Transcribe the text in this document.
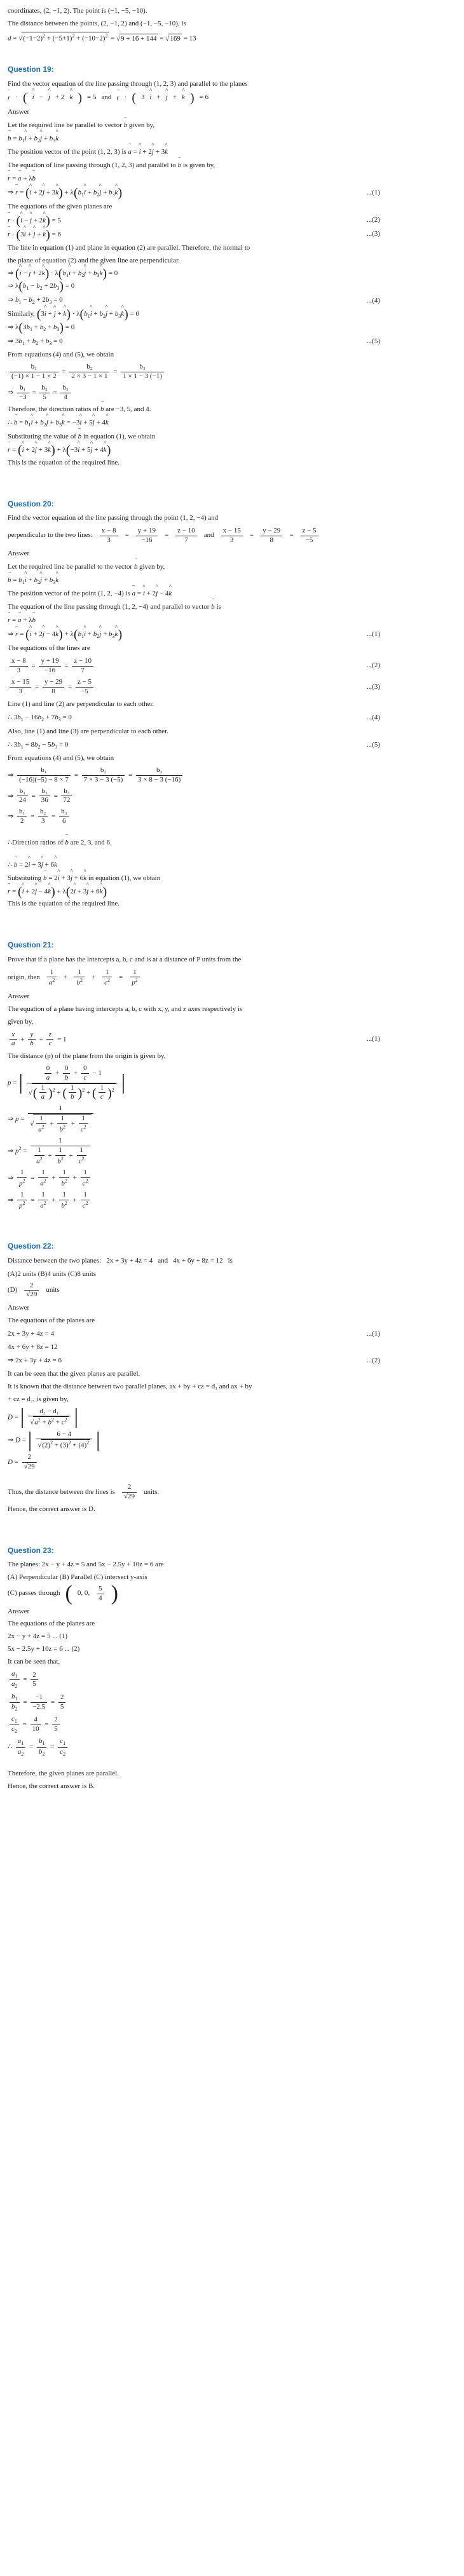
coordinates, (2, −1, 2). The point is (−1, −5, −10).

The distance between the points, (2, −1, 2) and (−1, −5, −10), is

$d = √(-1-2)^2 + (-5+1)^2 + (-10-2)^2 = √9 + 16 + 144 = √169 = 13$

Question 19:

Find the vector equation of the line passing through (1, 2, 3) and parallel to the planes

r → · ( i ^ − j ^ + 2 k ^ ) = 5 and r → · ( 3 i ^ + j ^ + k ^ ) = 6

Answer

Let the required line be parallel to vector b → given by,

b → = $b_1i$ ^ + $b_2j$ ^ + $b_3k$ ^

The position vector of the point (1, 2, 3) is a → = i ^ + 2j ^ + 3k ^

The equation of line passing through (1, 2, 3) and parallel to b → is given by,

r → = a → + λb →

⇒ r → = (i ^ + 2j ^ + 3k ^) + $\lambda(b_1i$ ^ + $b_2j$ ^ + $b_3k$ ^)	...(1)

The equations of the given planes are

r → · (i ^ − j ^ + 2k ^) = 5	...(2)
r → · (3i ^ + j ^ + k ^) = 6	...(3)

The line in equation (1) and plane in equation (2) are parallel. Therefore, the normal to

the plane of equation (2) and the given line are perpendicular.

⇒ (i ^ − j ^ + 2k ^) · $\lambda(b_1i$ ^ + $b_2j$ ^ + $b_3k$ ^) = 0

⇒ $\lambda(b_1 - b_2 + 2b_3) = 0$

⇒ $b_1 - b_2 + 2b_3 = 0$	...(4)

Similarly, (3i ^ + j ^ + k ^) · $\lambda(b_1i$ ^ + $b_2j$ ^ + $b_3k$ ^) = 0

⇒ $\lambda(3b_1 + b_2 + b_3) = 0$

⇒ $3b_1 + b_2 + b_3 = 0$	...(5)

From equations (4) and (5), we obtain

$\frac{\text{b₁}}{(-1) \times 1 - 1 \times 2} = \frac{\text{b₂}}{2 \times 3 - 1 \times 1} = \frac{\text{b₃}}{1 \times 1 - 3 (-1)}$

⇒ $\frac{\text{b₁}}{-3} = \frac{\text{b₂}}{5} = \frac{\text{b₃}}{4}$

Therefore, the direction ratios of b → are −3, 5, and 4.

∴ b → = $b_1i$ ^ + $b_2j$ ^ + $b_3k$ ^ = −3i ^ + 5j ^ + 4k ^

Substituting the value of b → in equation (1), we obtain

r → = (i ^ + 2j ^ + 3k ^) + λ(−3i ^ + 5j ^ + 4k ^)

This is the equation of the required line.

Question 20:

Find the vector equation of the line passing through the point (1, 2, −4) and

perpendicular to the two lines: $\frac{x - 8}{3} = \frac{y + 19}{-16} = \frac{z - 10}{7}$ and $\frac{x - 15}{3} = \frac{y - 29}{8} = \frac{z - 5}{-5}$

Answer

Let the required line be parallel to the vector b → given by,

b → = $b_1i$ ^ + $b_2j$ ^ + $b_3k$ ^

The position vector of the point (1, 2, −4) is a → = i ^ + 2j ^ − 4k ^

The equation of the line passing through (1, 2, −4) and parallel to vector b → is

r → = a → + λb →

⇒ r → = (i ^ + 2j ^ − 4k ^) + $\lambda(b_1i$ ^ + $b_2j$ ^ + $b_3k$ ^)	...(1)

The equations of the lines are

$\frac{x - 8}{3} = \frac{y + 19}{-16} = \frac{z - 10}{7}$	...(2)
$\frac{x - 15}{3} = \frac{y - 29}{8} = \frac{z - 5}{-5}$	...(3)

Line (1) and line (2) are perpendicular to each other.

∴ $3b_1 - 16b_2 + 7b_3 = 0$	...(4)

Also, line (1) and line (3) are perpendicular to each other.

∴ $3b_1 + 8b_2 - 5b_3 = 0$	...(5)

From equations (4) and (5), we obtain

⇒ $\frac{\text{b₁}}{(-16)(-5) - 8 \times 7} = \frac{\text{b₂}}{7 \times 3 - 3 (-5)} = \frac{\text{b₃}}{3 \times 8 - 3 (-16)}$

⇒ $\frac{\text{b₁}}{24} = \frac{\text{b₂}}{36} = \frac{\text{b₃}}{72}$

⇒ $\frac{\text{b₁}}{2} = \frac{\text{b₂}}{3} = \frac{\text{b₃}}{6}$

∴Direction ratios of b → are 2, 3, and 6.

∴ b → = 2i ^ + 3j ^ + 6k ^

Substituting b → = 2i ^ + 3j ^ + 6k ^ in equation (1), we obtain

r → = (i ^ + 2j ^ − 4k ^) + λ(2i ^ + 3j ^ + 6k ^)

This is the equation of the required line.

Question 21:

Prove that if a plane has the intercepts a, b, c and is at a distance of P units from the

origin, then $\frac{1}{a^2} + \frac{1}{b^2} + \frac{1}{c^2} = \frac{1}{p^2}$

Answer

The equation of a plane having intercepts a, b, c with x, y, and z axes respectively is

given by,

$\frac{x}{a} + \frac{y}{b} + \frac{z}{c} = 1$	...(1)

The distance (p) of the plane from the origin is given by,

p = | $\frac{\frac{0}{a} + \frac{0}{b} + \frac{0}{c} - 1}{√( \frac{1}{a} )^2 + ( \frac{1}{b} )^2 + ( \frac{1}{c} )^2}$ |

⇒ $p = \frac{1}{√ \frac{1}{a^2} + \frac{1}{b^2} + \frac{1}{c^2}}$

⇒ $p^2 = \frac{1}{\frac{1}{a^2} + \frac{1}{b^2} + \frac{1}{c^2}}$

⇒ $\frac{1}{p^2} = \frac{1}{a^2} + \frac{1}{b^2} + \frac{1}{c^2}$

⇒ $\frac{1}{p^2} = \frac{1}{a^2} + \frac{1}{b^2} + \frac{1}{c^2}$

Question 22:
Distance between the two planes: 2x + 3y + 4z = 4 and 4x + 6y + 8z = 12 is

(A)2 units (B)4 units (C)8 units

$(D) \frac{2}{√29}$ units

Answer

The equations of the planes are

2x + 3y + 4z = 4	...(1)

4x + 6y + 8z = 12

⇒ 2x + 3y + 4z = 6	...(2)

It can be seen that the given planes are parallel.

It is known that the distance between two parallel planes, ax + by + cz = d₁ and ax + by

+ cz = d₂, is given by,

D = | $\frac{\text{d₂ − d₁}}{√a^2 + b^2 + c^2}$ |

⇒ D = | $\frac{6 - 4}{√(2)^2 + (3)^2 + (4)^2}$ |

$D = \frac{2}{√29}$

Thus, the distance between the lines is $\frac{2}{√29}$ units.

Hence, the correct answer is D.

Question 23:

The planes: 2x − y + 4z = 5 and 5x − 2.5y + 10z = 6 are

(A) Perpendicular (B) Parallel (C) intersect y-axis

(C) passes through ( 0, 0, $\frac{5}{4}$ )

Answer

The equations of the planes are

2x − y + 4z = 5 ... (1)

5x − 2.5y + 10z = 6 ... (2)

It can be seen that,

$\frac{a_1}{a_2} = \frac{2}{5}$

$\frac{b_1}{b_2} = \frac{-1}{-2.5} = \frac{2}{5}$

$\frac{c_1}{c_2} = \frac{4}{10} = \frac{2}{5}$

∴ $\frac{a_1}{a_2} = \frac{b_1}{b_2} = \frac{c_1}{c_2}$

Therefore, the given planes are parallel.

Hence, the correct answer is B.
